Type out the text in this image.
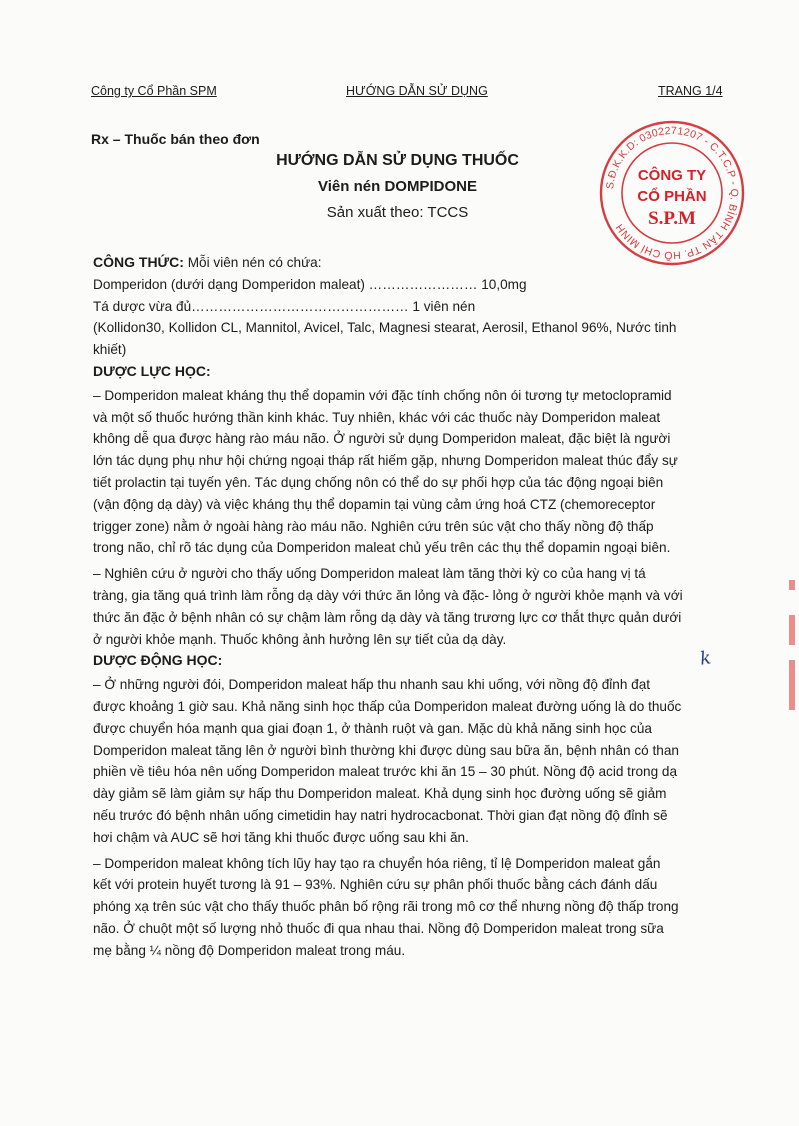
Công ty Cổ Phần SPM	HƯỚNG DẪN SỬ DỤNG	TRANG 1/4
Rx – Thuốc bán theo đơn
HƯỚNG DẪN SỬ DỤNG THUỐC
Viên nén DOMPIDONE
Sản xuất theo: TCCS
S.Đ.K.K.D: 0302271207 - C.T.C.P - Q. BÌNH TÂN TP. HỒ CHÍ MINH
CÔNG TY
CỔ PHẦN
S.P.M
CÔNG THỨC: Mỗi viên nén có chứa:
Domperidon (dưới dạng Domperidon maleat) …………………… 10,0mg
Tá dược vừa đủ………………………………………… 1 viên nén
(Kollidon30, Kollidon CL, Mannitol, Avicel, Talc, Magnesi stearat, Aerosil, Ethanol 96%, Nước tinh
khiết)
DƯỢC LỰC HỌC:
– Domperidon maleat kháng thụ thể dopamin với đặc tính chống nôn ói tương tự metoclopramid
và một số thuốc hướng thần kinh khác. Tuy nhiên, khác với các thuốc này Domperidon maleat
không dễ qua được hàng rào máu não. Ở người sử dụng Domperidon maleat, đặc biệt là người
lớn tác dụng phụ như hội chứng ngoại tháp rất hiếm gặp, nhưng Domperidon maleat thúc đẩy sự
tiết prolactin tại tuyến yên. Tác dụng chống nôn có thể do sự phối hợp của tác động ngoại biên
(vận động dạ dày) và việc kháng thụ thể dopamin tại vùng cảm ứng hoá CTZ (chemoreceptor
trigger zone) nằm ở ngoài hàng rào máu não. Nghiên cứu trên súc vật cho thấy nồng độ thấp
trong não, chỉ rõ tác dụng của Domperidon maleat chủ yếu trên các thụ thể dopamin ngoại biên.
– Nghiên cứu ở người cho thấy uống Domperidon maleat làm tăng thời kỳ co của hang vị tá
tràng, gia tăng quá trình làm rỗng dạ dày với thức ăn lỏng và đặc- lỏng ở người khỏe mạnh và với
thức ăn đặc ở bệnh nhân có sự chậm làm rỗng dạ dày và tăng trương lực cơ thắt thực quản dưới
ở người khỏe mạnh. Thuốc không ảnh hưởng lên sự tiết của dạ dày.
DƯỢC ĐỘNG HỌC:
– Ở những người đói, Domperidon maleat hấp thu nhanh sau khi uống, với nồng độ đỉnh đạt
được khoảng 1 giờ sau. Khả năng sinh học thấp của Domperidon maleat đường uống là do thuốc
được chuyển hóa mạnh qua giai đoạn 1, ở thành ruột và gan. Mặc dù khả năng sinh học của
Domperidon maleat tăng lên ở người bình thường khi được dùng sau bữa ăn, bệnh nhân có than
phiền về tiêu hóa nên uống Domperidon maleat trước khi ăn 15 – 30 phút. Nồng độ acid trong dạ
dày giảm sẽ làm giảm sự hấp thu Domperidon maleat. Khả dụng sinh học đường uống sẽ giảm
nếu trước đó bệnh nhân uống cimetidin hay natri hydrocacbonat. Thời gian đạt nồng độ đỉnh sẽ
hơi chậm và AUC sẽ hơi tăng khi thuốc được uống sau khi ăn.
– Domperidon maleat không tích lũy hay tạo ra chuyển hóa riêng, tỉ lệ Domperidon maleat gắn
kết với protein huyết tương là 91 – 93%. Nghiên cứu sự phân phối thuốc bằng cách đánh dấu
phóng xạ trên súc vật cho thấy thuốc phân bố rộng rãi trong mô cơ thể nhưng nồng độ thấp trong
não. Ở chuột một số lượng nhỏ thuốc đi qua nhau thai. Nồng độ Domperidon maleat trong sữa
mẹ bằng ¼ nồng độ Domperidon maleat trong máu.
k
